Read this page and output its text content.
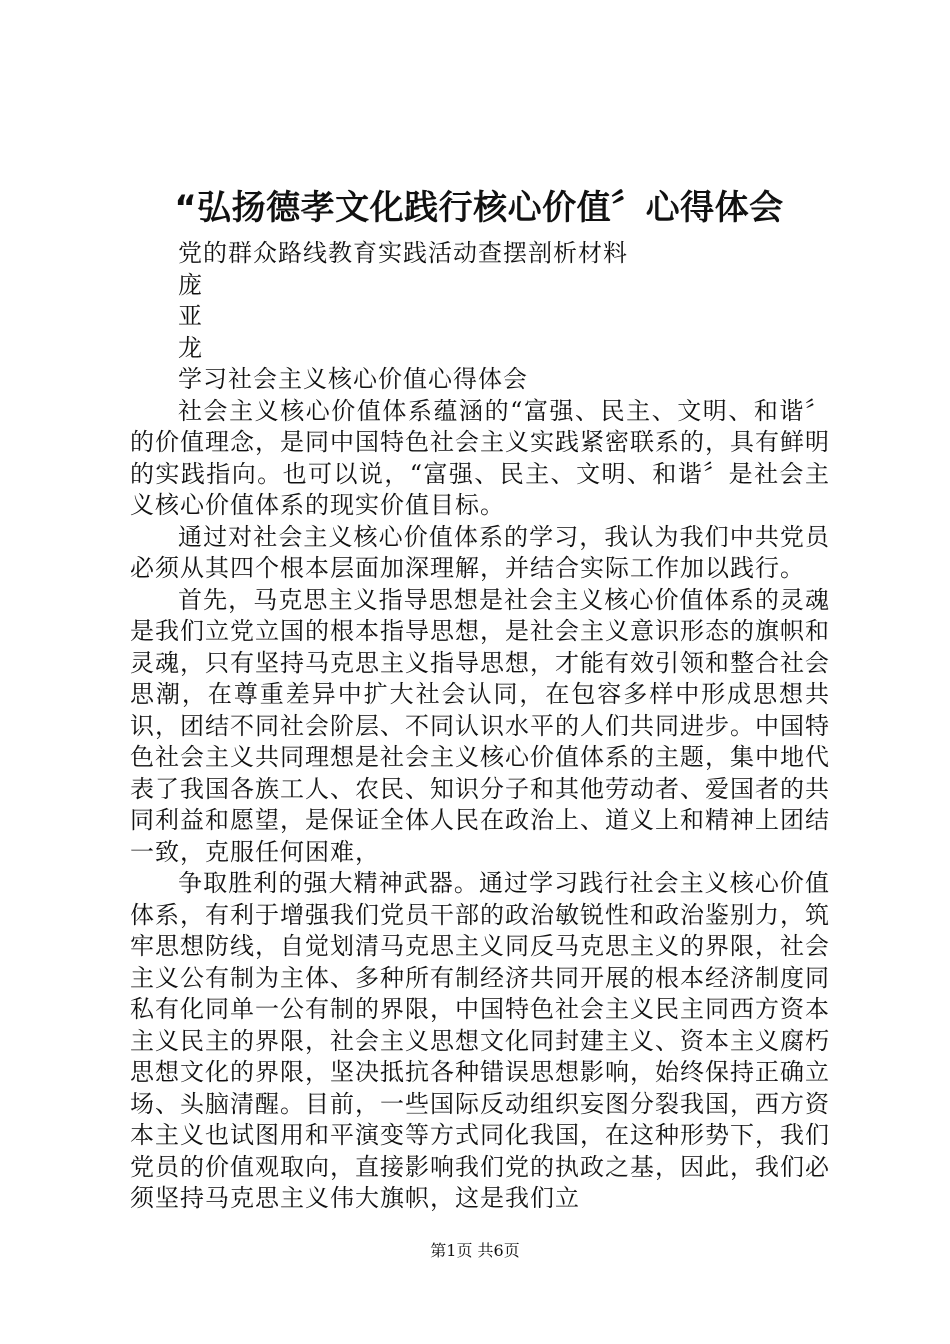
“弘扬德孝文化践行核心价值〞心得体会

党的群众路线教育实践活动查摆剖析材料

庞

亚

龙

学习社会主义核心价值心得体会

社会主义核心价值体系蕴涵的“富强、民主、文明、和谐〞的价值理念，是同中国特色社会主义实践紧密联系的，具有鲜明的实践指向。也可以说，“富强、民主、文明、和谐〞是社会主义核心价值体系的现实价值目标。

通过对社会主义核心价值体系的学习，我认为我们中共党员必须从其四个根本层面加深理解，并结合实际工作加以践行。

首先，马克思主义指导思想是社会主义核心价值体系的灵魂是我们立党立国的根本指导思想，是社会主义意识形态的旗帜和灵魂，只有坚持马克思主义指导思想，才能有效引领和整合社会思潮，在尊重差异中扩大社会认同，在包容多样中形成思想共识，团结不同社会阶层、不同认识水平的人们共同进步。中国特色社会主义共同理想是社会主义核心价值体系的主题，集中地代表了我国各族工人、农民、知识分子和其他劳动者、爱国者的共同利益和愿望，是保证全体人民在政治上、道义上和精神上团结一致，克服任何困难，

争取胜利的强大精神武器。通过学习践行社会主义核心价值体系，有利于增强我们党员干部的政治敏锐性和政治鉴别力，筑牢思想防线，自觉划清马克思主义同反马克思主义的界限，社会主义公有制为主体、多种所有制经济共同开展的根本经济制度同私有化同单一公有制的界限，中国特色社会主义民主同西方资本主义民主的界限，社会主义思想文化同封建主义、资本主义腐朽思想文化的界限，坚决抵抗各种错误思想影响，始终保持正确立场、头脑清醒。目前，一些国际反动组织妄图分裂我国，西方资本主义也试图用和平演变等方式同化我国，在这种形势下，我们党员的价值观取向，直接影响我们党的执政之基，因此，我们必须坚持马克思主义伟大旗帜，这是我们立

第1页 共6页
